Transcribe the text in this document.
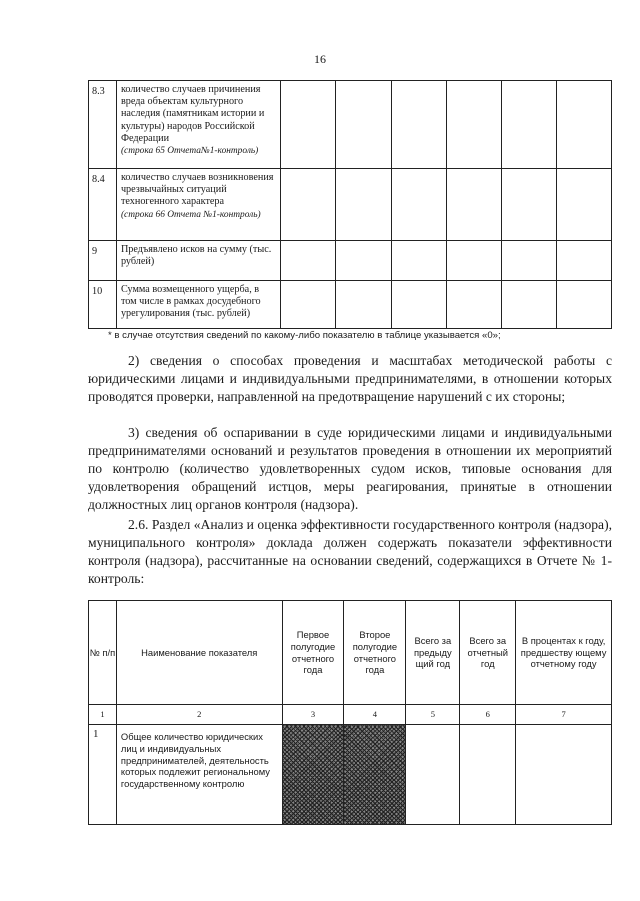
16
8.3	количество случаев причинения вреда объектам культурного наследия (памятникам истории и культуры) народов Российской Федерации
(строка 65 Отчета№1-контроль)						

8.4	количество случаев возникновения чрезвычайных ситуаций техногенного характера
(строка 66 Отчета №1-контроль)						

9	Предъявлено исков на сумму (тыс. рублей)						
10	Сумма возмещенного ущерба, в том числе в рамках досудебного урегулирования (тыс. рублей)						
* в случае отсутствия сведений по какому-либо показателю в таблице указывается «0»;
2) сведения о способах проведения и масштабах методической работы с юридическими лицами и индивидуальными предпринимателями, в отношении которых проводятся проверки, направленной на предотвращение нарушений с их стороны;
3) сведения об оспаривании в суде юридическими лицами и индивидуальными предпринимателями оснований и результатов проведения в отношении их мероприятий по контролю (количество удовлетворенных судом исков, типовые основания для удовлетворения обращений истцов, меры реагирования, принятые в отношении должностных лиц органов контроля (надзора).
2.6. Раздел «Анализ и оценка эффективности государственного контроля (надзора), муниципального контроля» доклада должен содержать показатели эффективности контроля (надзора), рассчитанные на основании сведений, содержащихся в Отчете № 1-контроль:
№ п/п	Наименование показателя	Первое полугодие отчетного года	Второе полугодие отчетного года	Всего за предыду щий год	Всего за отчетный год	В процентах к году, предшеству ющему отчетному году
1	2	3	4	5	6	7
1	Общее количество юридических лиц и индивидуальных предпринимателей, деятельность которых подлежит региональному государственному контролю					
